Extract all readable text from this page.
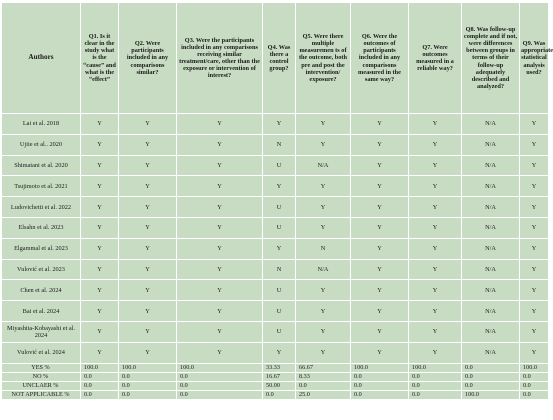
Authors	Q1. Is it clear in the study what is the “cause” and what is the “effect”	Q2. Were participants included in any comparisons similar?	Q3. Were the participants included in any comparisons receiving similar treatment/care, other than the exposure or intervention of interest?	Q4. Was there a control group?	Q5. Were there multiple measuremen ts of the outcome, both pre and post the intervention/ exposure?	Q6. Were the outcomes of participants included in any comparisons measured in the same way?	Q7. Were outcomes measured in a reliable way?	Q8. Was follow-up complete and if not, were differences between groups in terms of their follow-up adequately described and analyzed?	Q9. Was appropriate statistical analysis used?
Lai et al. 2018	Y	Y	Y	Y	Y	Y	Y	N/A	Y
Ujiie et al.. 2020	Y	Y	Y	N	Y	Y	Y	N/A	Y
Shimatani et al. 2020	Y	Y	Y	U	N/A	Y	Y	N/A	Y
Tsujimoto et al. 2021	Y	Y	Y	Y	Y	Y	Y	N/A	Y
Ludovichetti et al. 2022	Y	Y	Y	U	Y	Y	Y	N/A	Y
Elsahn et al. 2023	Y	Y	Y	U	Y	Y	Y	N/A	Y
Elgammal et al. 2023	Y	Y	Y	Y	N	Y	Y	N/A	Y
Vulović et al. 2023	Y	Y	Y	N	N/A	Y	Y	N/A	Y
Chen et al. 2024	Y	Y	Y	U	Y	Y	Y	N/A	Y
Bai et al. 2024	Y	Y	Y	U	Y	Y	Y	N/A	Y
Miyashita-Kobayashi et al. 2024	Y	Y	Y	U	Y	Y	Y	N/A	Y
Vulović et al. 2024	Y	Y	Y	Y	Y	Y	Y	N/A	Y
YES %	100.0	100.0	100.0	33.33	66.67	100.0	100.0	0.0	100.0
NO %	0.0	0.0	0.0	16.67	8.33	0.0	0.0	0.0	0.0
UNCLAER %	0.0	0.0	0.0	50.00	0.0	0.0	0.0	0.0	0.0
NOT APPLICABLE %	0.0	0.0	0.0	0.0	25.0	0.0	0.0	100.0	0.0
